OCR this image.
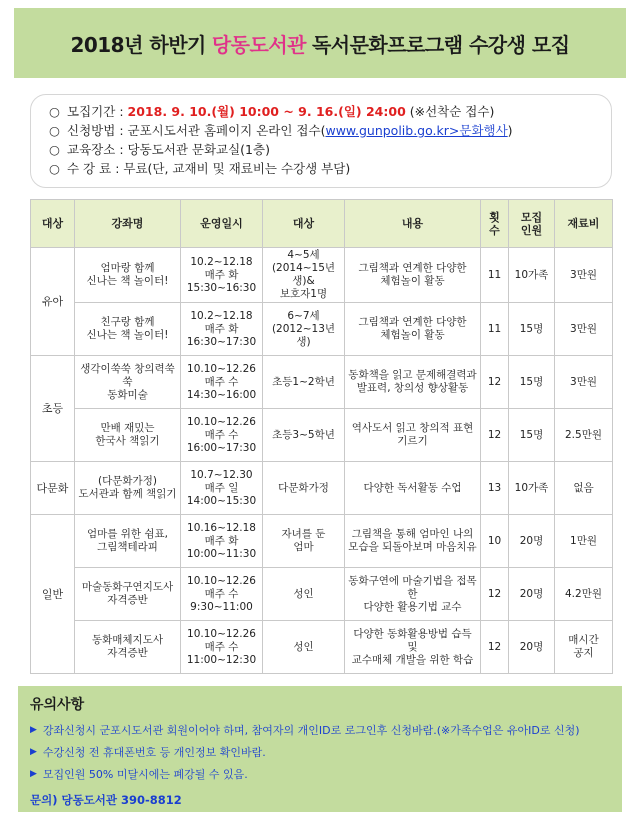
2018년 하반기 당동도서관 독서문화프로그램 수강생 모집
○ 모집기간 : 2018. 9. 10.(월) 10:00 ~ 9. 16.(일) 24:00
(※선착순 접수)
○ 신청방법 : 군포시도서관 홈페이지 온라인 접수( www.gunpolib.go.kr>문화행사 )
○ 교육장소 : 당동도서관 문화교실(1층)
○ 수 강 료 : 무료(단, 교재비 및 재료비는 수강생 부담)
대상	강좌명	운영일시	대상	내용	횟수	모집인원	재료비
유아	엄마랑 함께
신나는 책 놀이터!	10.2~12.18
매주 화
15:30~16:30	4~5세
(2014~15년생)&
보호자1명	그림책과 연계한 다양한
체험놀이 활동	11	10가족	3만원
	친구랑 함께
신나는 책 놀이터!	10.2~12.18
매주 화
16:30~17:30	6~7세
(2012~13년생)	그림책과 연계한 다양한
체험놀이 활동	11	15명	3만원
초등	생각이쑥쑥 창의력쑥쑥
동화미술	10.10~12.26
매주 수
14:30~16:00	초등1~2학년	동화책을 읽고 문제해결력과
발표력, 창의성 향상활동	12	15명	3만원
	만배 재밌는
한국사 책읽기	10.10~12.26
매주 수
16:00~17:30	초등3~5학년	역사도서 읽고 창의적 표현
기르기	12	15명	2.5만원
다문화	(다문화가정)
도서관과 함께 책읽기	10.7~12.30
매주 일
14:00~15:30	다문화가정	다양한 독서활동 수업	13	10가족	없음
일반	엄마를 위한 쉼표,
그림책테라피	10.16~12.18
매주 화
10:00~11:30	자녀를 둔
엄마	그림책을 통해 엄마인 나의
모습을 되돌아보며 마음치유	10	20명	1만원
	마술동화구연지도사
자격증반	10.10~12.26
매주 수
9:30~11:00	성인	동화구연에 마술기법을 접목한
다양한 활용기법 교수	12	20명	4.2만원
	동화매체지도사
자격증반	10.10~12.26
매주 수
11:00~12:30	성인	다양한 동화활용방법 습득 및
교수매체 개발을 위한 학습	12	20명	매시간
공지
유의사항
▶ 강좌신청시 군포시도서관 회원이어야 하며, 참여자의 개인ID로 로그인후 신청바람.(※가족수업은 유아ID로 신청)
▶ 수강신청 전 휴대폰번호 등 개인정보 확인바람.
▶ 모집인원 50% 미달시에는 폐강될 수 있음.
문의) 당동도서관 390-8812
